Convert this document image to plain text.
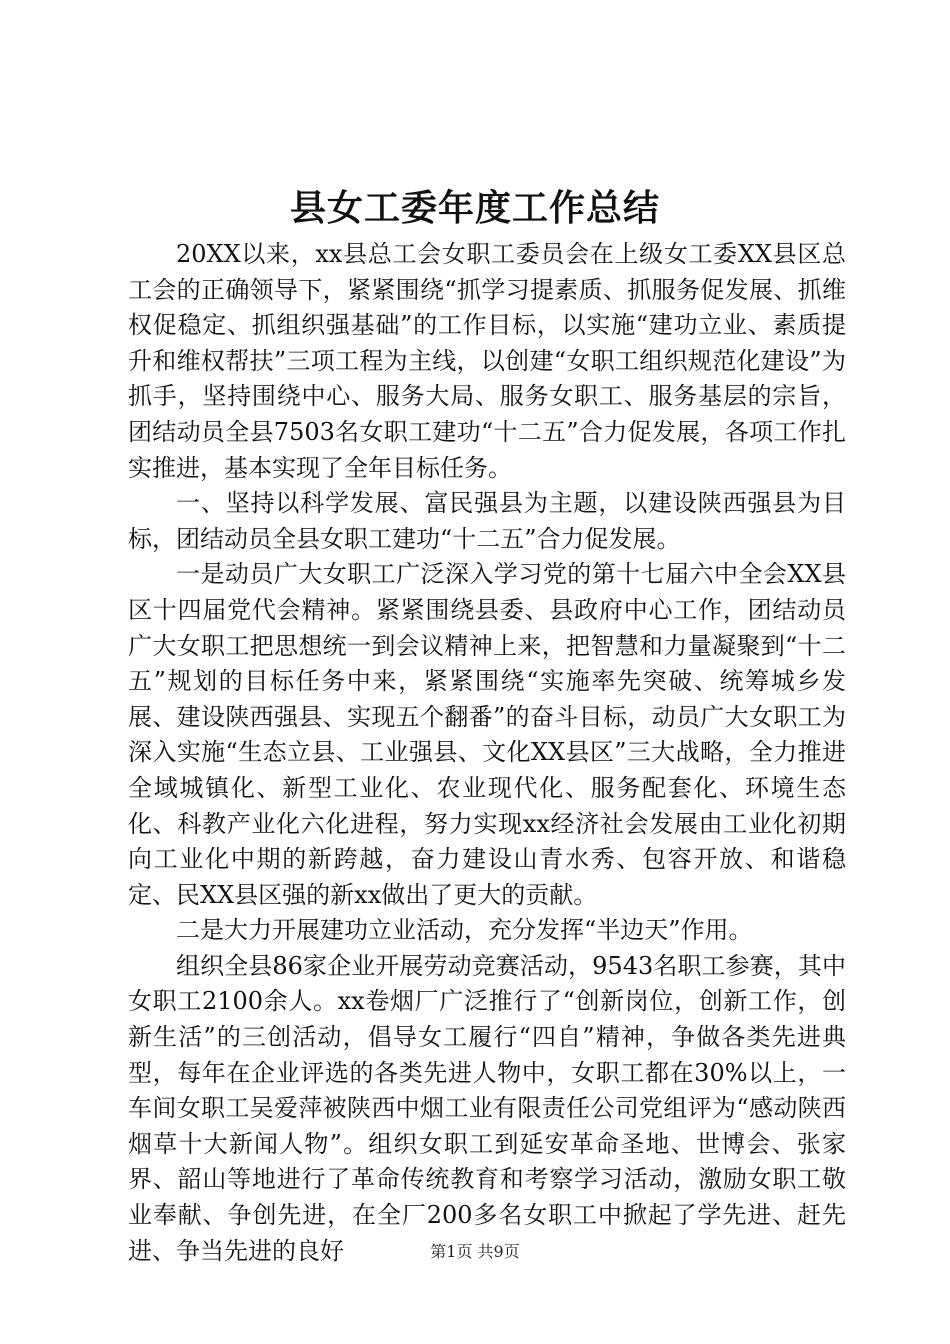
县女工委年度工作总结

20XX以来，xx县总工会女职工委员会在上级女工委XX县区总工会的正确领导下，紧紧围绕“抓学习提素质、抓服务促发展、抓维权促稳定、抓组织强基础”的工作目标，以实施“建功立业、素质提升和维权帮扶”三项工程为主线，以创建“女职工组织规范化建设”为抓手，坚持围绕中心、服务大局、服务女职工、服务基层的宗旨，团结动员全县7503名女职工建功“十二五”合力促发展，各项工作扎实推进，基本实现了全年目标任务。

一、坚持以科学发展、富民强县为主题，以建设陕西强县为目标，团结动员全县女职工建功“十二五”合力促发展。

一是动员广大女职工广泛深入学习党的第十七届六中全会XX县区十四届党代会精神。紧紧围绕县委、县政府中心工作，团结动员广大女职工把思想统一到会议精神上来，把智慧和力量凝聚到“十二五”规划的目标任务中来，紧紧围绕“实施率先突破、统筹城乡发展、建设陕西强县、实现五个翻番”的奋斗目标，动员广大女职工为深入实施“生态立县、工业强县、文化XX县区”三大战略，全力推进全域城镇化、新型工业化、农业现代化、服务配套化、环境生态化、科教产业化六化进程，努力实现xx经济社会发展由工业化初期向工业化中期的新跨越，奋力建设山青水秀、包容开放、和谐稳定、民XX县区强的新xx做出了更大的贡献。

二是大力开展建功立业活动，充分发挥“半边天”作用。

组织全县86家企业开展劳动竞赛活动，9543名职工参赛，其中女职工2100余人。xx卷烟厂广泛推行了“创新岗位，创新工作，创新生活”的三创活动，倡导女工履行“四自”精神，争做各类先进典型，每年在企业评选的各类先进人物中，女职工都在30%以上，一车间女职工吴爱萍被陕西中烟工业有限责任公司党组评为“感动陕西烟草十大新闻人物”。组织女职工到延安革命圣地、世博会、张家界、韶山等地进行了革命传统教育和考察学习活动，激励女职工敬业奉献、争创先进，在全厂200多名女职工中掀起了学先进、赶先进、争当先进的良好	第1页 共9页
